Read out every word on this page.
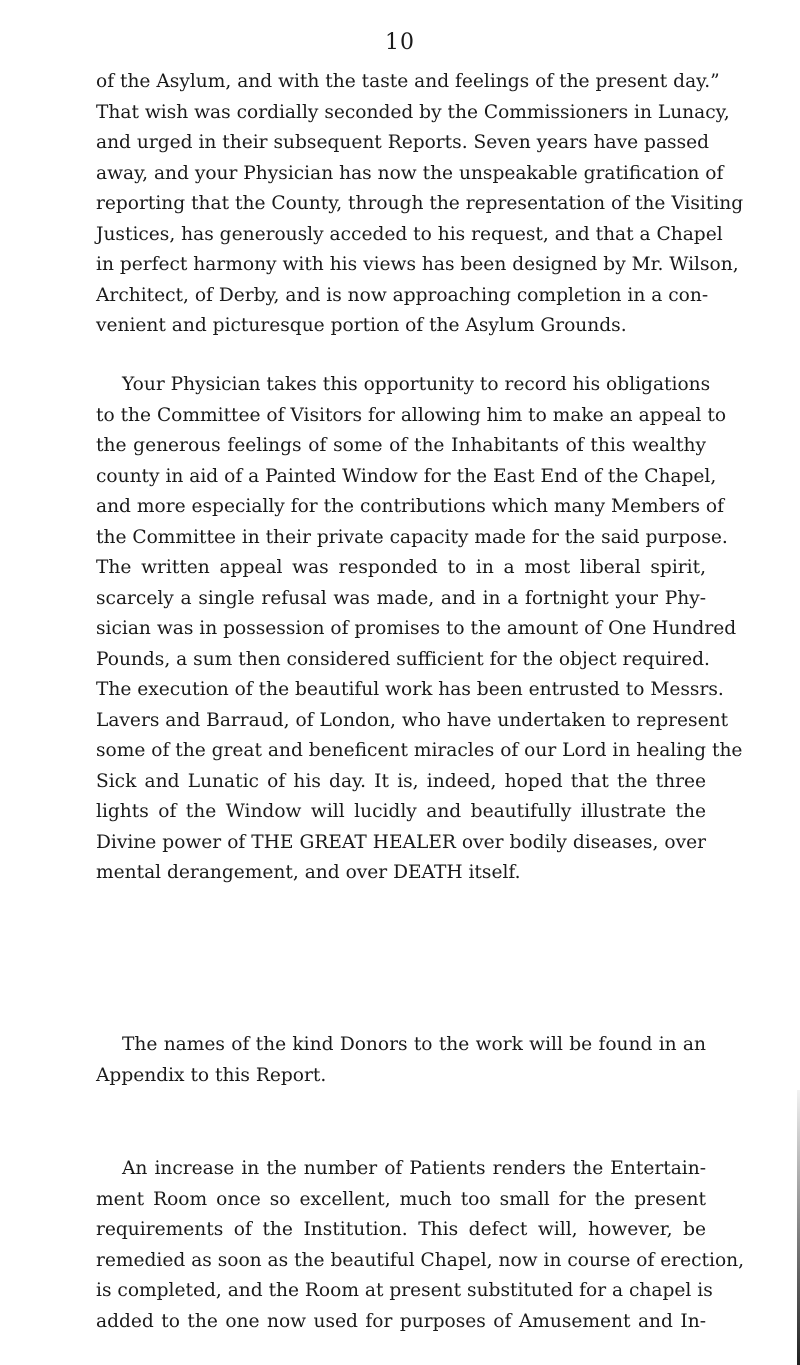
10
of the Asylum, and with the taste and feelings of the present day.”
That wish was cordially seconded by the Commissioners in Lunacy,
and urged in their subsequent Reports. Seven years have passed
away, and your Physician has now the unspeakable gratification of
reporting that the County, through the representation of the Visiting
Justices, has generously acceded to his request, and that a Chapel
in perfect harmony with his views has been designed by Mr. Wilson,
Architect, of Derby, and is now approaching completion in a con-
venient and picturesque portion of the Asylum Grounds.
Your Physician takes this opportunity to record his obligations
to the Committee of Visitors for allowing him to make an appeal to
the generous feelings of some of the Inhabitants of this wealthy
county in aid of a Painted Window for the East End of the Chapel,
and more especially for the contributions which many Members of
the Committee in their private capacity made for the said purpose.
The written appeal was responded to in a most liberal spirit,
scarcely a single refusal was made, and in a fortnight your Phy-
sician was in possession of promises to the amount of One Hundred
Pounds, a sum then considered sufficient for the object required.
The execution of the beautiful work has been entrusted to Messrs.
Lavers and Barraud, of London, who have undertaken to represent
some of the great and beneficent miracles of our Lord in healing the
Sick and Lunatic of his day. It is, indeed, hoped that the three
lights of the Window will lucidly and beautifully illustrate the
Divine power of THE GREAT HEALER over bodily diseases, over
mental derangement, and over DEATH itself.
The names of the kind Donors to the work will be found in an
Appendix to this Report.
An increase in the number of Patients renders the Entertain-
ment Room once so excellent, much too small for the present
requirements of the Institution. This defect will, however, be
remedied as soon as the beautiful Chapel, now in course of erection,
is completed, and the Room at present substituted for a chapel is
added to the one now used for purposes of Amusement and In-
